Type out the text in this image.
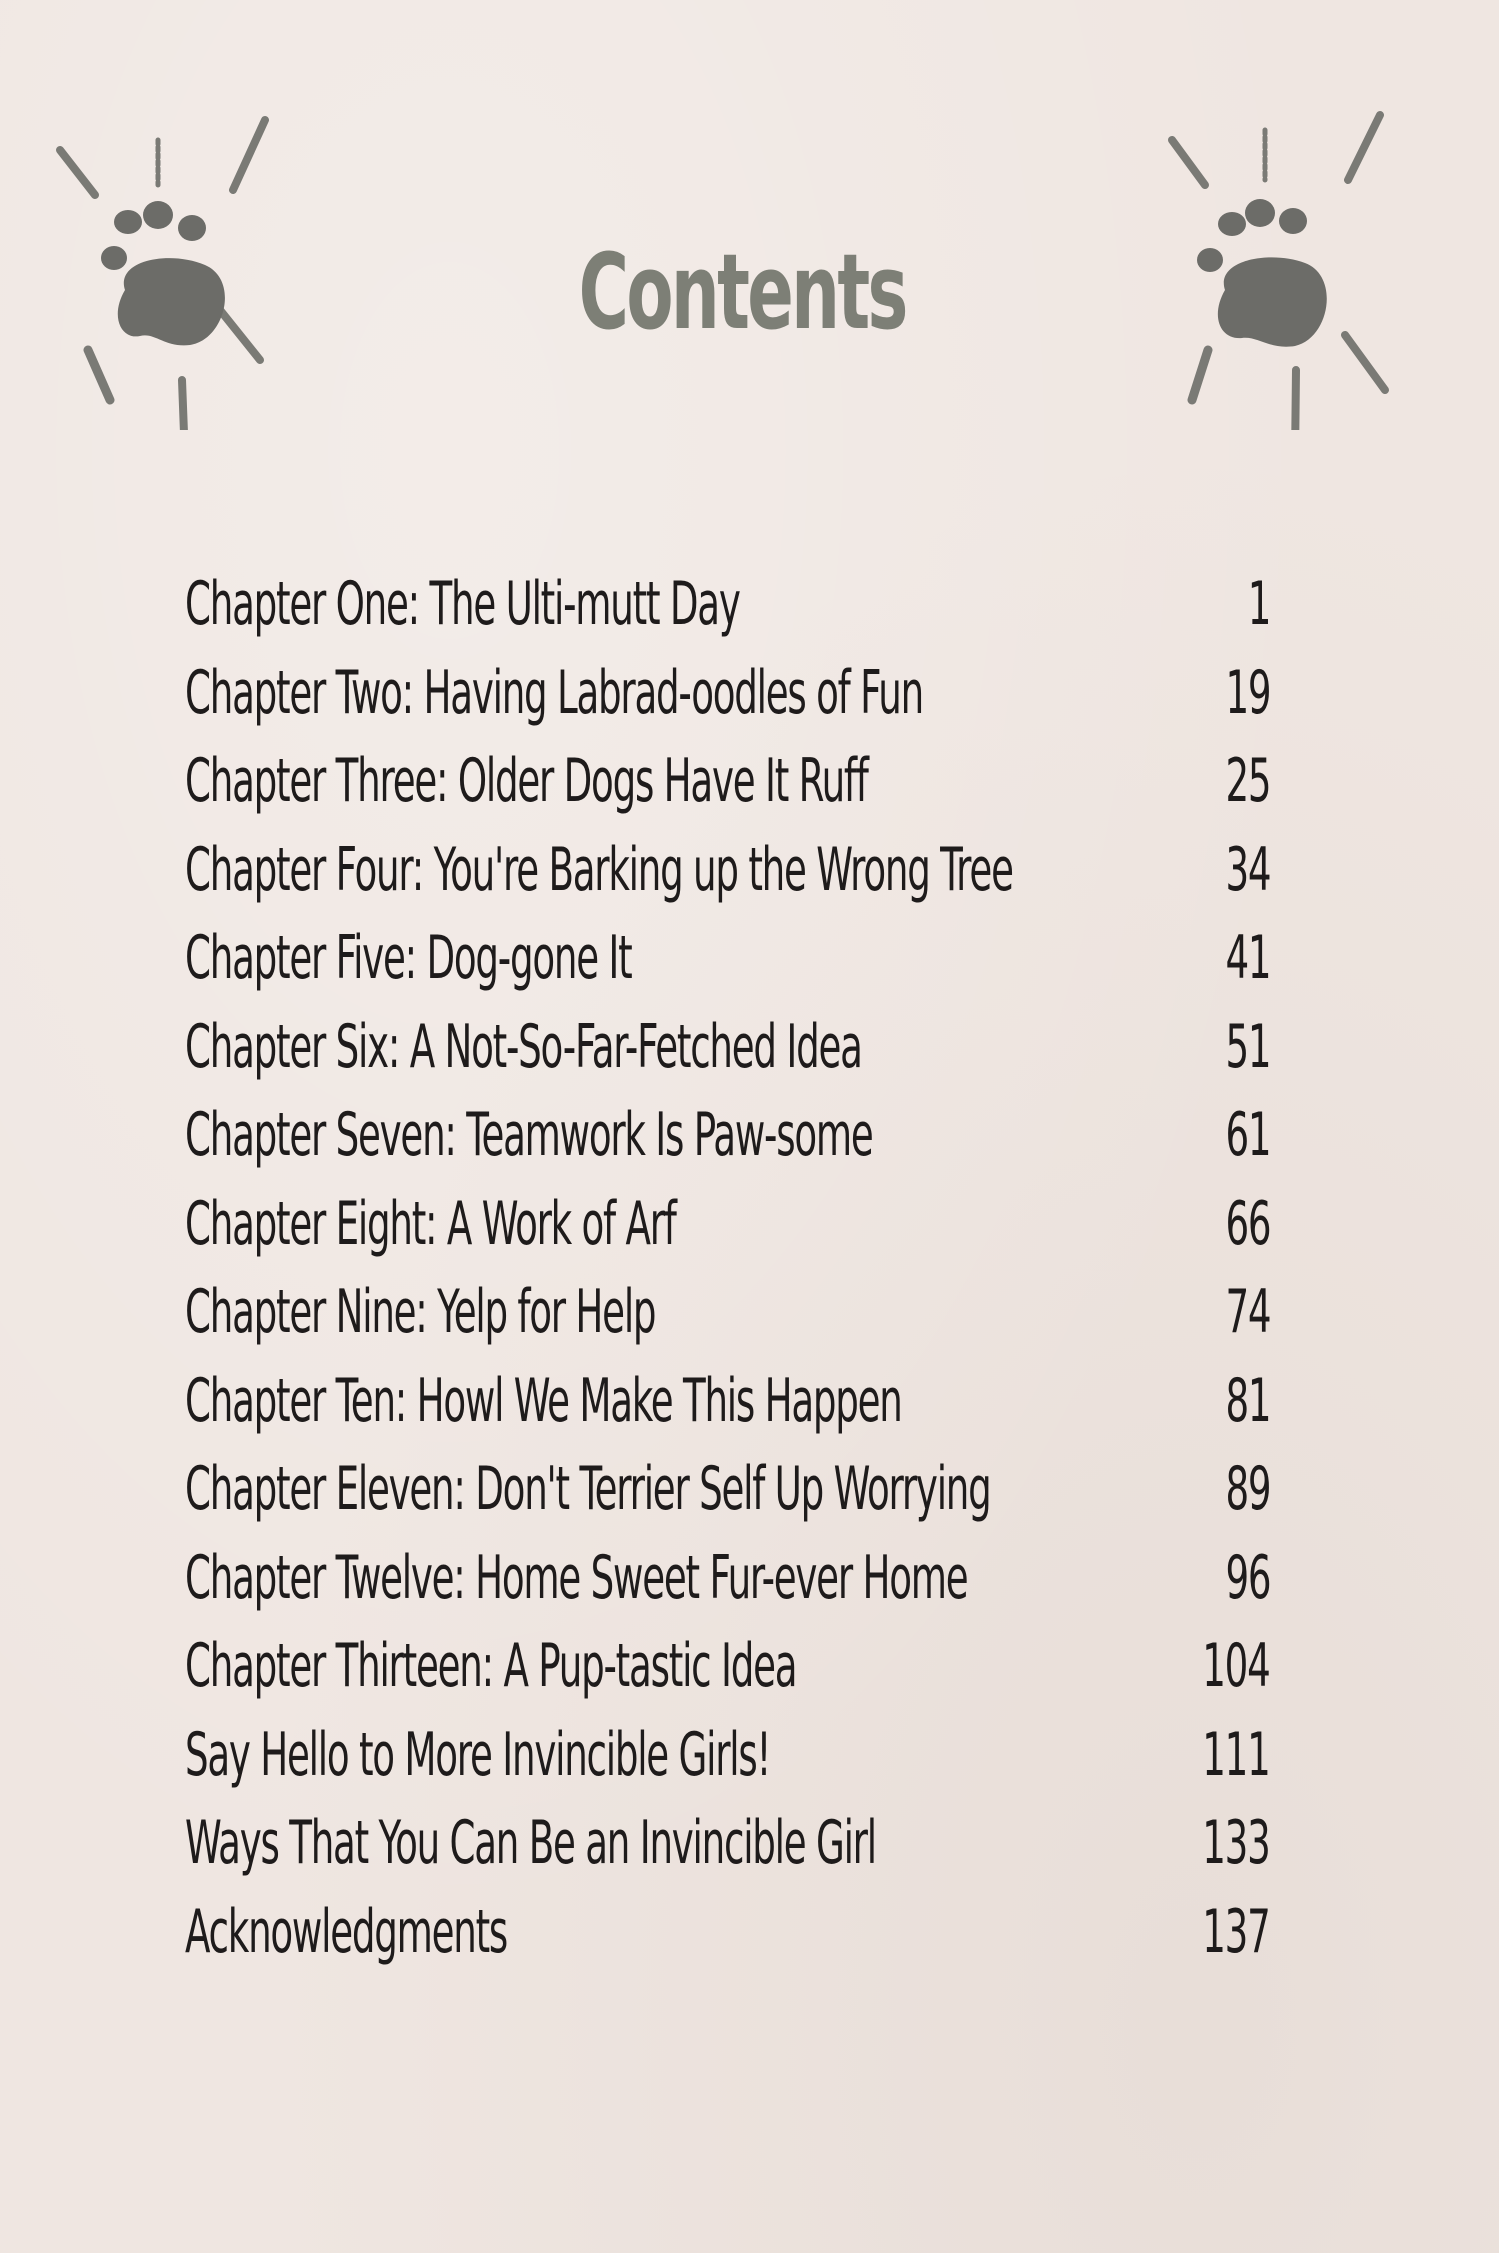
Contents
Chapter One: The Ulti-mutt Day	1
Chapter Two: Having Labrad-oodles of Fun	19
Chapter Three: Older Dogs Have It Ruff	25
Chapter Four: You're Barking up the Wrong Tree	34
Chapter Five: Dog-gone It	41
Chapter Six: A Not-So-Far-Fetched Idea	51
Chapter Seven: Teamwork Is Paw-some	61
Chapter Eight: A Work of Arf	66
Chapter Nine: Yelp for Help	74
Chapter Ten: Howl We Make This Happen	81
Chapter Eleven: Don't Terrier Self Up Worrying	89
Chapter Twelve: Home Sweet Fur-ever Home	96
Chapter Thirteen: A Pup-tastic Idea	104
Say Hello to More Invincible Girls!	111
Ways That You Can Be an Invincible Girl	133
Acknowledgments	137
